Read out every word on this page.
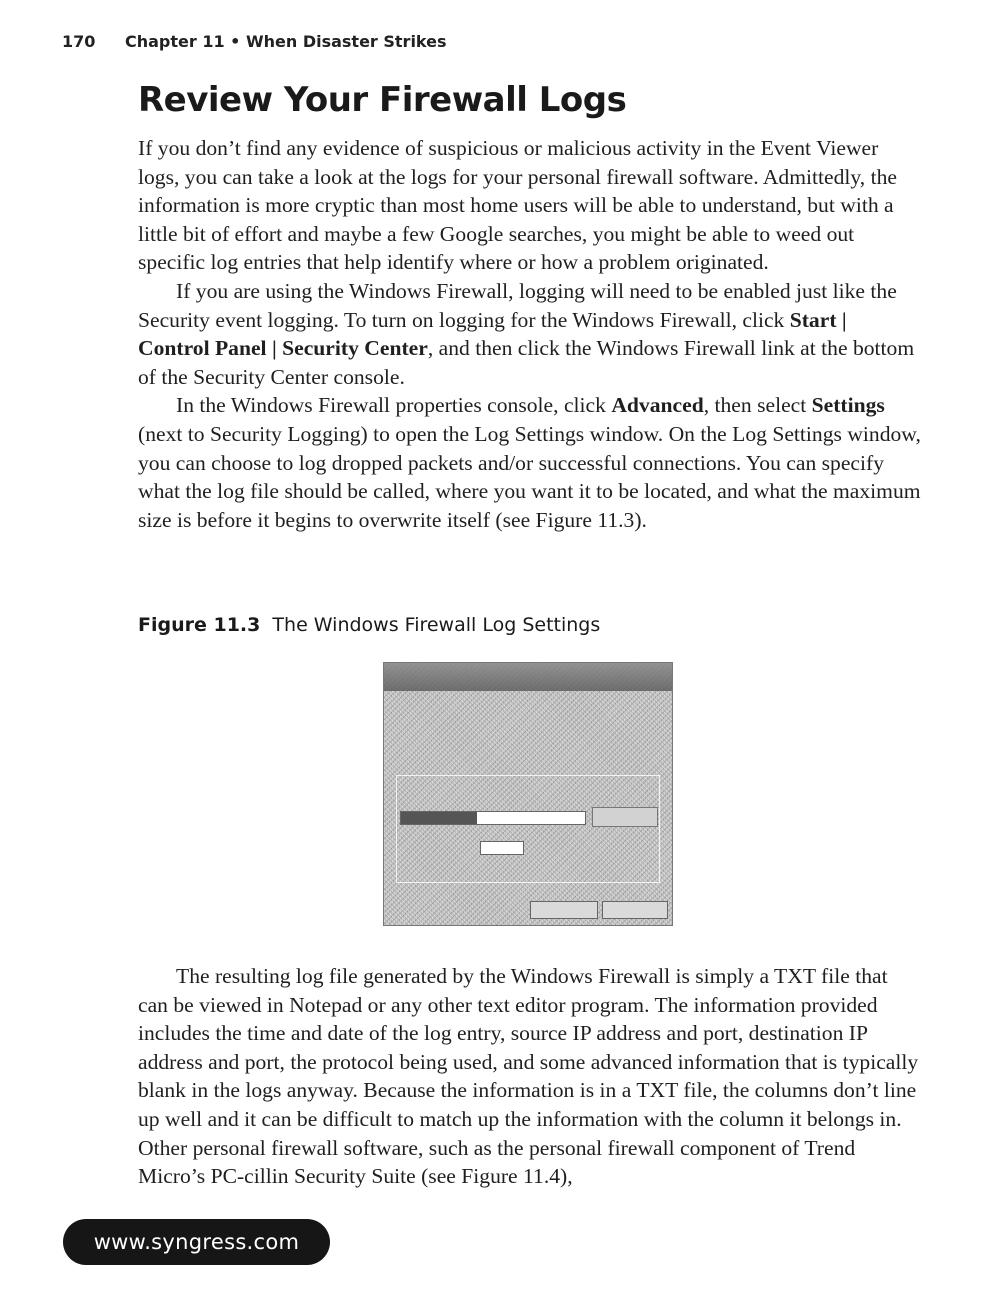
170 Chapter 11 • When Disaster Strikes
Review Your Firewall Logs

If you don’t find any evidence of suspicious or malicious activity in the Event Viewer logs, you can take a look at the logs for your personal firewall software. Admittedly, the information is more cryptic than most home users will be able to understand, but with a little bit of effort and maybe a few Google searches, you might be able to weed out specific log entries that help identify where or how a problem originated.

If you are using the Windows Firewall, logging will need to be enabled just like the Security event logging. To turn on logging for the Windows Firewall, click Start | Control Panel | Security Center, and then click the Windows Firewall link at the bottom of the Security Center console.

In the Windows Firewall properties console, click Advanced, then select Settings (next to Security Logging) to open the Log Settings window. On the Log Settings window, you can choose to log dropped packets and/or successful connections. You can specify what the log file should be called, where you want it to be located, and what the maximum size is before it begins to overwrite itself (see Figure 11.3).

Figure 11.3 The Windows Firewall Log Settings

The resulting log file generated by the Windows Firewall is simply a TXT file that can be viewed in Notepad or any other text editor program. The information provided includes the time and date of the log entry, source IP address and port, destination IP address and port, the protocol being used, and some advanced information that is typically blank in the logs anyway. Because the information is in a TXT file, the columns don’t line up well and it can be difficult to match up the information with the column it belongs in. Other personal firewall software, such as the personal firewall component of Trend Micro’s PC-cillin Security Suite (see Figure 11.4),

www.syngress.com
